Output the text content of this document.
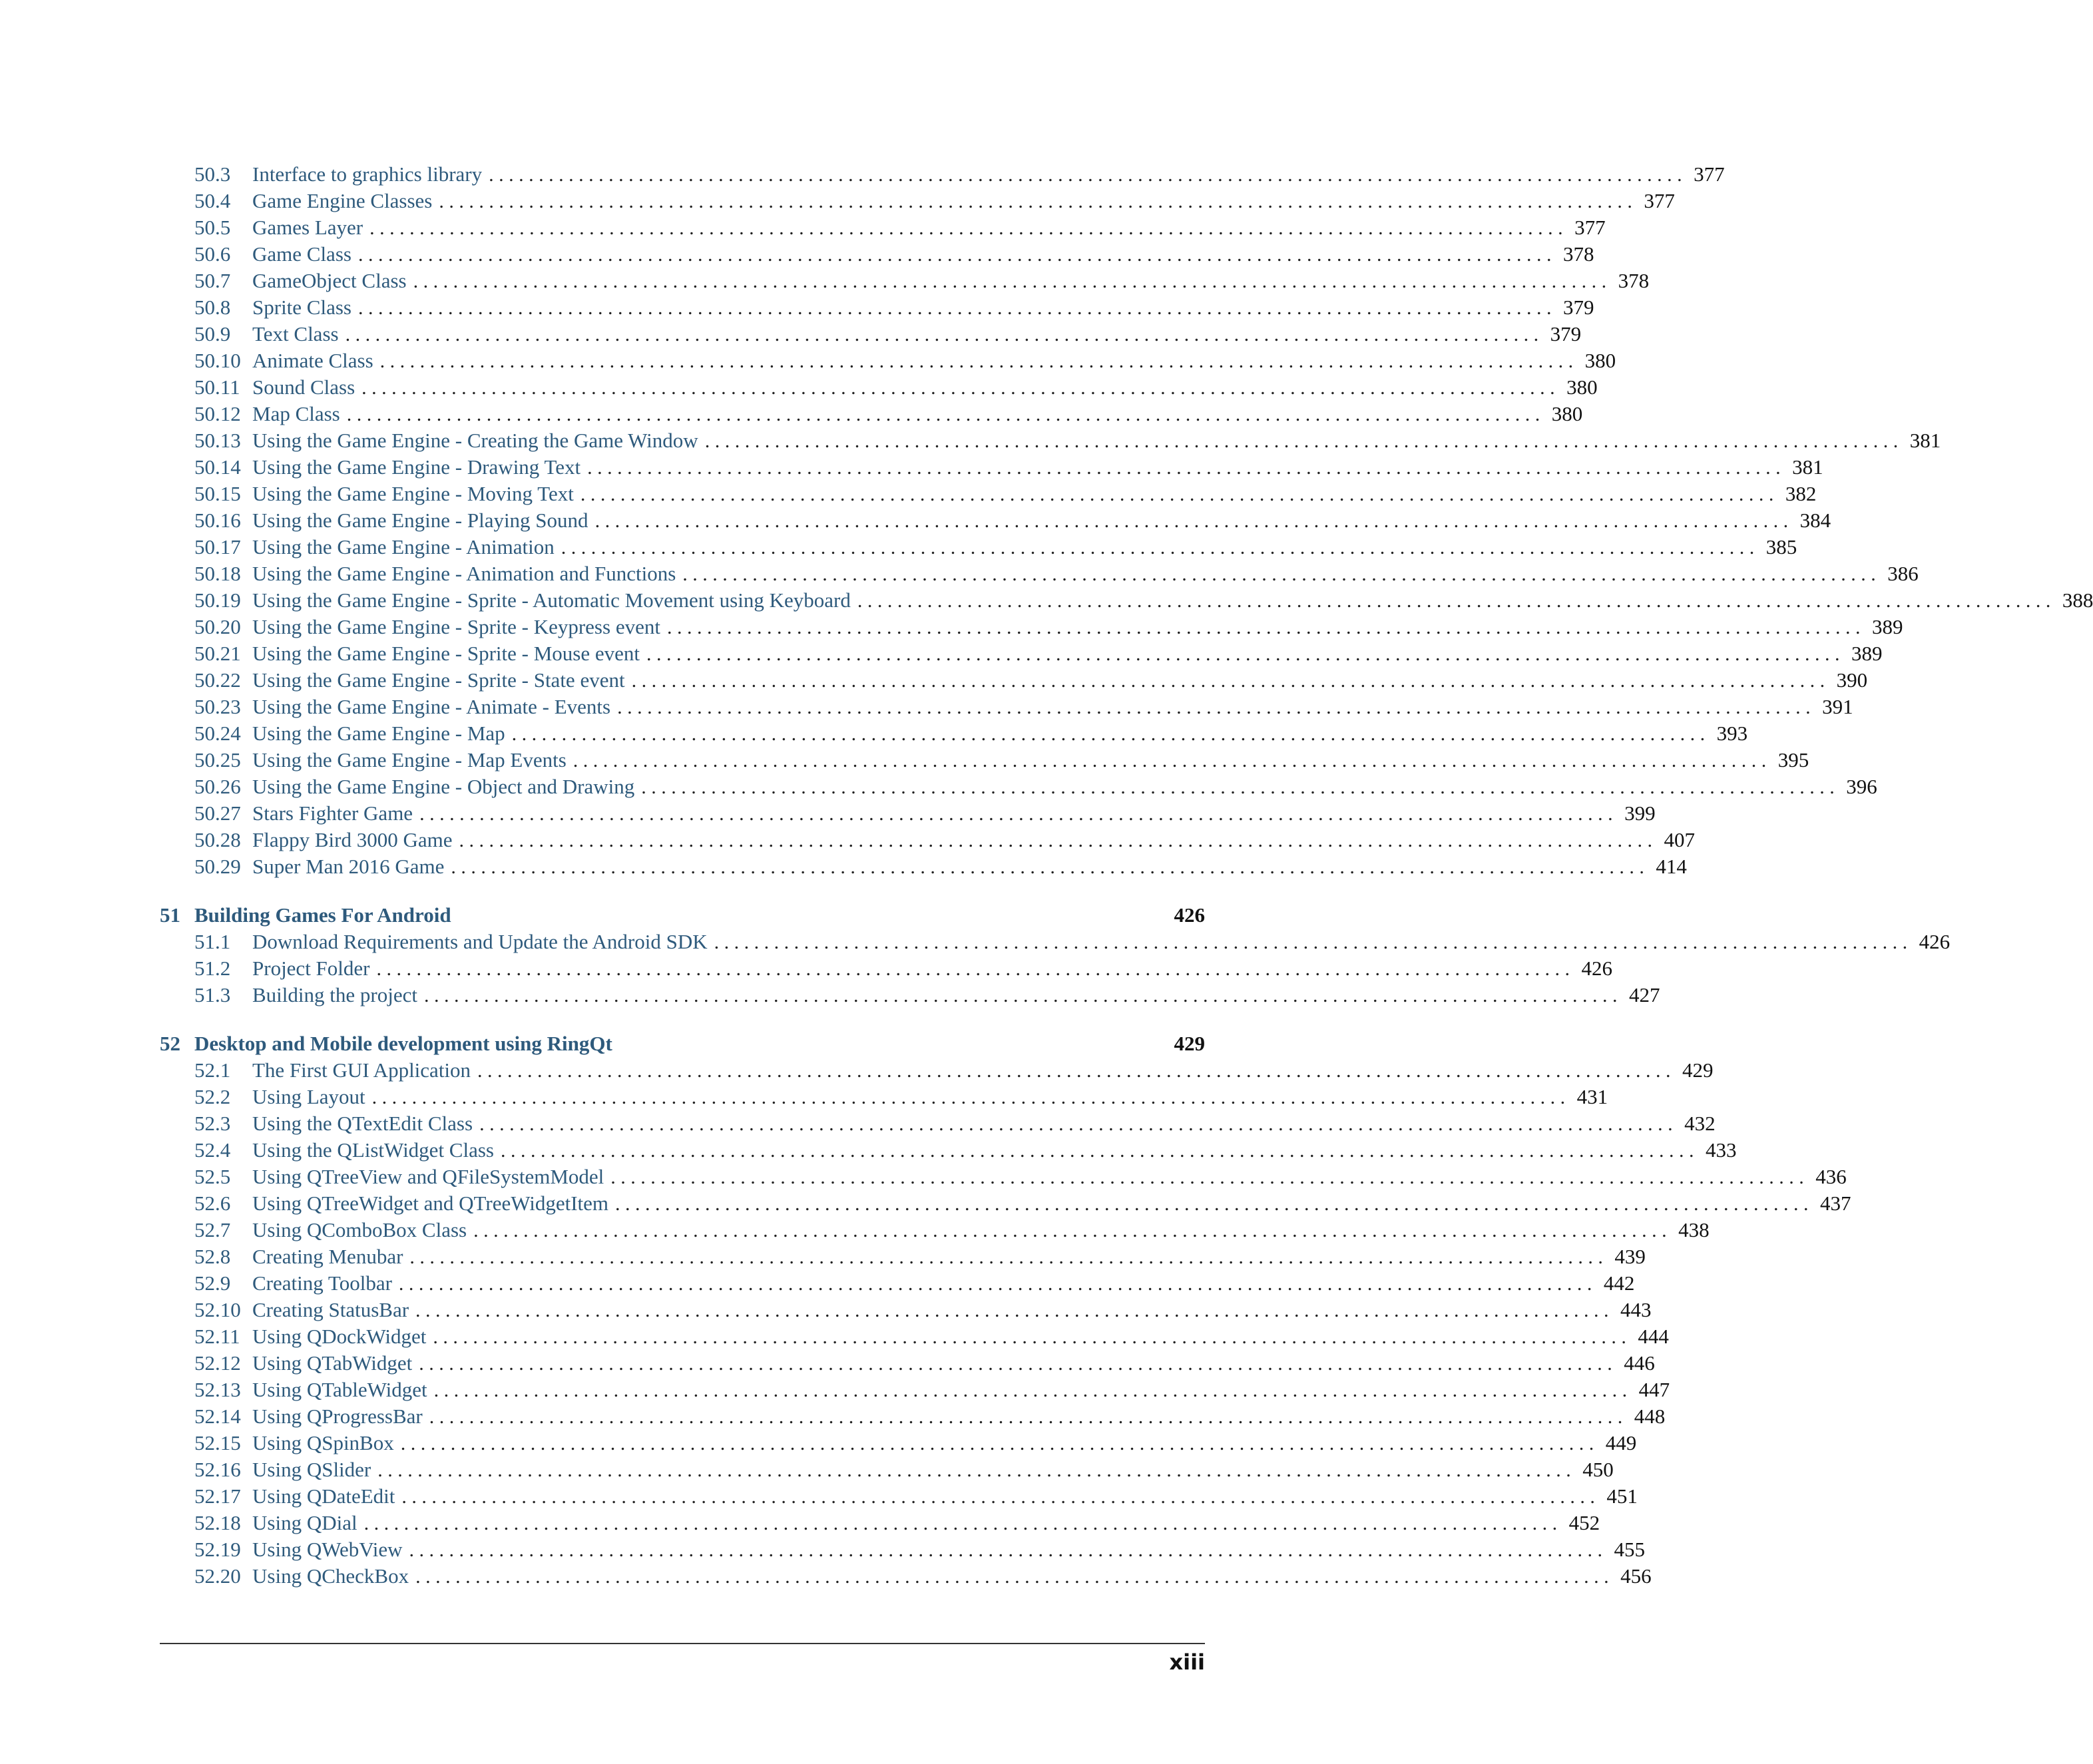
50.3	Interface to graphics library . . . . . . . . . . . . . . . . . . . . . . . . . . . . . . . . . . . . . . . . . . . . . . . . . . . . . . . . . . . . . . . . . . . . . . . . . . . . . . . . . . . . . . . . . . . . . . . . . . . . . . . . . . . . . . . . . . . . . . . . 377
50.4	Game Engine Classes . . . . . . . . . . . . . . . . . . . . . . . . . . . . . . . . . . . . . . . . . . . . . . . . . . . . . . . . . . . . . . . . . . . . . . . . . . . . . . . . . . . . . . . . . . . . . . . . . . . . . . . . . . . . . . . . . . . . . . . . 377
50.5	Games Layer . . . . . . . . . . . . . . . . . . . . . . . . . . . . . . . . . . . . . . . . . . . . . . . . . . . . . . . . . . . . . . . . . . . . . . . . . . . . . . . . . . . . . . . . . . . . . . . . . . . . . . . . . . . . . . . . . . . . . . . . 377
50.6	Game Class . . . . . . . . . . . . . . . . . . . . . . . . . . . . . . . . . . . . . . . . . . . . . . . . . . . . . . . . . . . . . . . . . . . . . . . . . . . . . . . . . . . . . . . . . . . . . . . . . . . . . . . . . . . . . . . . . . . . . . . . 378
50.7	GameObject Class . . . . . . . . . . . . . . . . . . . . . . . . . . . . . . . . . . . . . . . . . . . . . . . . . . . . . . . . . . . . . . . . . . . . . . . . . . . . . . . . . . . . . . . . . . . . . . . . . . . . . . . . . . . . . . . . . . . . . . . . 378
50.8	Sprite Class . . . . . . . . . . . . . . . . . . . . . . . . . . . . . . . . . . . . . . . . . . . . . . . . . . . . . . . . . . . . . . . . . . . . . . . . . . . . . . . . . . . . . . . . . . . . . . . . . . . . . . . . . . . . . . . . . . . . . . . . 379
50.9	Text Class . . . . . . . . . . . . . . . . . . . . . . . . . . . . . . . . . . . . . . . . . . . . . . . . . . . . . . . . . . . . . . . . . . . . . . . . . . . . . . . . . . . . . . . . . . . . . . . . . . . . . . . . . . . . . . . . . . . . . . . . 379
50.10 Animate Class . . . . . . . . . . . . . . . . . . . . . . . . . . . . . . . . . . . . . . . . . . . . . . . . . . . . . . . . . . . . . . . . . . . . . . . . . . . . . . . . . . . . . . . . . . . . . . . . . . . . . . . . . . . . . . . . . . . . . . . . 380
50.11 Sound Class . . . . . . . . . . . . . . . . . . . . . . . . . . . . . . . . . . . . . . . . . . . . . . . . . . . . . . . . . . . . . . . . . . . . . . . . . . . . . . . . . . . . . . . . . . . . . . . . . . . . . . . . . . . . . . . . . . . . . . . . 380
50.12 Map Class . . . . . . . . . . . . . . . . . . . . . . . . . . . . . . . . . . . . . . . . . . . . . . . . . . . . . . . . . . . . . . . . . . . . . . . . . . . . . . . . . . . . . . . . . . . . . . . . . . . . . . . . . . . . . . . . . . . . . . . . 380
50.13 Using the Game Engine - Creating the Game Window . . . . . . . . . . . . . . . . . . . . . . . . . . . . . . . . . . . . . . . . . . . . . . . . . . . . . . . . . . . . . . . . . . . . . . . . . . . . . . . . . . . . . . . . . . . . . . . . . . . . . . . . . . . . . . . . . . . . . . . . 381
50.14 Using the Game Engine - Drawing Text . . . . . . . . . . . . . . . . . . . . . . . . . . . . . . . . . . . . . . . . . . . . . . . . . . . . . . . . . . . . . . . . . . . . . . . . . . . . . . . . . . . . . . . . . . . . . . . . . . . . . . . . . . . . . . . . . . . . . . . . 381
50.15 Using the Game Engine - Moving Text . . . . . . . . . . . . . . . . . . . . . . . . . . . . . . . . . . . . . . . . . . . . . . . . . . . . . . . . . . . . . . . . . . . . . . . . . . . . . . . . . . . . . . . . . . . . . . . . . . . . . . . . . . . . . . . . . . . . . . . . 382
50.16 Using the Game Engine - Playing Sound . . . . . . . . . . . . . . . . . . . . . . . . . . . . . . . . . . . . . . . . . . . . . . . . . . . . . . . . . . . . . . . . . . . . . . . . . . . . . . . . . . . . . . . . . . . . . . . . . . . . . . . . . . . . . . . . . . . . . . . . 384
50.17 Using the Game Engine - Animation . . . . . . . . . . . . . . . . . . . . . . . . . . . . . . . . . . . . . . . . . . . . . . . . . . . . . . . . . . . . . . . . . . . . . . . . . . . . . . . . . . . . . . . . . . . . . . . . . . . . . . . . . . . . . . . . . . . . . . . . 385
50.18 Using the Game Engine - Animation and Functions . . . . . . . . . . . . . . . . . . . . . . . . . . . . . . . . . . . . . . . . . . . . . . . . . . . . . . . . . . . . . . . . . . . . . . . . . . . . . . . . . . . . . . . . . . . . . . . . . . . . . . . . . . . . . . . . . . . . . . . . 386
50.19 Using the Game Engine - Sprite - Automatic Movement using Keyboard . . . . . . . . . . . . . . . . . . . . . . . . . . . . . . . . . . . . . . . . . . . . . . . . . . . . . . . . . . . . . . . . . . . . . . . . . . . . . . . . . . . . . . . . . . . . . . . . . . . . . . . . . . . . . . . . . . . . . . . . 388
50.20 Using the Game Engine - Sprite - Keypress event . . . . . . . . . . . . . . . . . . . . . . . . . . . . . . . . . . . . . . . . . . . . . . . . . . . . . . . . . . . . . . . . . . . . . . . . . . . . . . . . . . . . . . . . . . . . . . . . . . . . . . . . . . . . . . . . . . . . . . . . 389
50.21 Using the Game Engine - Sprite - Mouse event . . . . . . . . . . . . . . . . . . . . . . . . . . . . . . . . . . . . . . . . . . . . . . . . . . . . . . . . . . . . . . . . . . . . . . . . . . . . . . . . . . . . . . . . . . . . . . . . . . . . . . . . . . . . . . . . . . . . . . . . 389
50.22 Using the Game Engine - Sprite - State event . . . . . . . . . . . . . . . . . . . . . . . . . . . . . . . . . . . . . . . . . . . . . . . . . . . . . . . . . . . . . . . . . . . . . . . . . . . . . . . . . . . . . . . . . . . . . . . . . . . . . . . . . . . . . . . . . . . . . . . . 390
50.23 Using the Game Engine - Animate - Events . . . . . . . . . . . . . . . . . . . . . . . . . . . . . . . . . . . . . . . . . . . . . . . . . . . . . . . . . . . . . . . . . . . . . . . . . . . . . . . . . . . . . . . . . . . . . . . . . . . . . . . . . . . . . . . . . . . . . . . . 391
50.24 Using the Game Engine - Map . . . . . . . . . . . . . . . . . . . . . . . . . . . . . . . . . . . . . . . . . . . . . . . . . . . . . . . . . . . . . . . . . . . . . . . . . . . . . . . . . . . . . . . . . . . . . . . . . . . . . . . . . . . . . . . . . . . . . . . . 393
50.25 Using the Game Engine - Map Events . . . . . . . . . . . . . . . . . . . . . . . . . . . . . . . . . . . . . . . . . . . . . . . . . . . . . . . . . . . . . . . . . . . . . . . . . . . . . . . . . . . . . . . . . . . . . . . . . . . . . . . . . . . . . . . . . . . . . . . . 395
50.26 Using the Game Engine - Object and Drawing . . . . . . . . . . . . . . . . . . . . . . . . . . . . . . . . . . . . . . . . . . . . . . . . . . . . . . . . . . . . . . . . . . . . . . . . . . . . . . . . . . . . . . . . . . . . . . . . . . . . . . . . . . . . . . . . . . . . . . . . 396
50.27 Stars Fighter Game . . . . . . . . . . . . . . . . . . . . . . . . . . . . . . . . . . . . . . . . . . . . . . . . . . . . . . . . . . . . . . . . . . . . . . . . . . . . . . . . . . . . . . . . . . . . . . . . . . . . . . . . . . . . . . . . . . . . . . . . 399
50.28 Flappy Bird 3000 Game . . . . . . . . . . . . . . . . . . . . . . . . . . . . . . . . . . . . . . . . . . . . . . . . . . . . . . . . . . . . . . . . . . . . . . . . . . . . . . . . . . . . . . . . . . . . . . . . . . . . . . . . . . . . . . . . . . . . . . . . 407
50.29 Super Man 2016 Game . . . . . . . . . . . . . . . . . . . . . . . . . . . . . . . . . . . . . . . . . . . . . . . . . . . . . . . . . . . . . . . . . . . . . . . . . . . . . . . . . . . . . . . . . . . . . . . . . . . . . . . . . . . . . . . . . . . . . . . . 414
51 Building Games For Android	426
51.1	Download Requirements and Update the Android SDK . . . . . . . . . . . . . . . . . . . . . . . . . . . . . . . . . . . . . . . . . . . . . . . . . . . . . . . . . . . . . . . . . . . . . . . . . . . . . . . . . . . . . . . . . . . . . . . . . . . . . . . . . . . . . . . . . . . . . . . . 426
51.2	Project Folder . . . . . . . . . . . . . . . . . . . . . . . . . . . . . . . . . . . . . . . . . . . . . . . . . . . . . . . . . . . . . . . . . . . . . . . . . . . . . . . . . . . . . . . . . . . . . . . . . . . . . . . . . . . . . . . . . . . . . . . . 426
51.3	Building the project . . . . . . . . . . . . . . . . . . . . . . . . . . . . . . . . . . . . . . . . . . . . . . . . . . . . . . . . . . . . . . . . . . . . . . . . . . . . . . . . . . . . . . . . . . . . . . . . . . . . . . . . . . . . . . . . . . . . . . . . 427
52 Desktop and Mobile development using RingQt	429
52.1	The First GUI Application . . . . . . . . . . . . . . . . . . . . . . . . . . . . . . . . . . . . . . . . . . . . . . . . . . . . . . . . . . . . . . . . . . . . . . . . . . . . . . . . . . . . . . . . . . . . . . . . . . . . . . . . . . . . . . . . . . . . . . . . 429
52.2	Using Layout . . . . . . . . . . . . . . . . . . . . . . . . . . . . . . . . . . . . . . . . . . . . . . . . . . . . . . . . . . . . . . . . . . . . . . . . . . . . . . . . . . . . . . . . . . . . . . . . . . . . . . . . . . . . . . . . . . . . . . . . 431
52.3	Using the QTextEdit Class . . . . . . . . . . . . . . . . . . . . . . . . . . . . . . . . . . . . . . . . . . . . . . . . . . . . . . . . . . . . . . . . . . . . . . . . . . . . . . . . . . . . . . . . . . . . . . . . . . . . . . . . . . . . . . . . . . . . . . . . 432
52.4	Using the QListWidget Class . . . . . . . . . . . . . . . . . . . . . . . . . . . . . . . . . . . . . . . . . . . . . . . . . . . . . . . . . . . . . . . . . . . . . . . . . . . . . . . . . . . . . . . . . . . . . . . . . . . . . . . . . . . . . . . . . . . . . . . . 433
52.5	Using QTreeView and QFileSystemModel . . . . . . . . . . . . . . . . . . . . . . . . . . . . . . . . . . . . . . . . . . . . . . . . . . . . . . . . . . . . . . . . . . . . . . . . . . . . . . . . . . . . . . . . . . . . . . . . . . . . . . . . . . . . . . . . . . . . . . . . 436
52.6	Using QTreeWidget and QTreeWidgetItem . . . . . . . . . . . . . . . . . . . . . . . . . . . . . . . . . . . . . . . . . . . . . . . . . . . . . . . . . . . . . . . . . . . . . . . . . . . . . . . . . . . . . . . . . . . . . . . . . . . . . . . . . . . . . . . . . . . . . . . . 437
52.7	Using QComboBox Class . . . . . . . . . . . . . . . . . . . . . . . . . . . . . . . . . . . . . . . . . . . . . . . . . . . . . . . . . . . . . . . . . . . . . . . . . . . . . . . . . . . . . . . . . . . . . . . . . . . . . . . . . . . . . . . . . . . . . . . . 438
52.8	Creating Menubar . . . . . . . . . . . . . . . . . . . . . . . . . . . . . . . . . . . . . . . . . . . . . . . . . . . . . . . . . . . . . . . . . . . . . . . . . . . . . . . . . . . . . . . . . . . . . . . . . . . . . . . . . . . . . . . . . . . . . . . . 439
52.9	Creating Toolbar . . . . . . . . . . . . . . . . . . . . . . . . . . . . . . . . . . . . . . . . . . . . . . . . . . . . . . . . . . . . . . . . . . . . . . . . . . . . . . . . . . . . . . . . . . . . . . . . . . . . . . . . . . . . . . . . . . . . . . . . 442
52.10 Creating StatusBar . . . . . . . . . . . . . . . . . . . . . . . . . . . . . . . . . . . . . . . . . . . . . . . . . . . . . . . . . . . . . . . . . . . . . . . . . . . . . . . . . . . . . . . . . . . . . . . . . . . . . . . . . . . . . . . . . . . . . . . . 443
52.11 Using QDockWidget . . . . . . . . . . . . . . . . . . . . . . . . . . . . . . . . . . . . . . . . . . . . . . . . . . . . . . . . . . . . . . . . . . . . . . . . . . . . . . . . . . . . . . . . . . . . . . . . . . . . . . . . . . . . . . . . . . . . . . . . 444
52.12 Using QTabWidget . . . . . . . . . . . . . . . . . . . . . . . . . . . . . . . . . . . . . . . . . . . . . . . . . . . . . . . . . . . . . . . . . . . . . . . . . . . . . . . . . . . . . . . . . . . . . . . . . . . . . . . . . . . . . . . . . . . . . . . . 446
52.13 Using QTableWidget . . . . . . . . . . . . . . . . . . . . . . . . . . . . . . . . . . . . . . . . . . . . . . . . . . . . . . . . . . . . . . . . . . . . . . . . . . . . . . . . . . . . . . . . . . . . . . . . . . . . . . . . . . . . . . . . . . . . . . . . 447
52.14 Using QProgressBar . . . . . . . . . . . . . . . . . . . . . . . . . . . . . . . . . . . . . . . . . . . . . . . . . . . . . . . . . . . . . . . . . . . . . . . . . . . . . . . . . . . . . . . . . . . . . . . . . . . . . . . . . . . . . . . . . . . . . . . . 448
52.15 Using QSpinBox . . . . . . . . . . . . . . . . . . . . . . . . . . . . . . . . . . . . . . . . . . . . . . . . . . . . . . . . . . . . . . . . . . . . . . . . . . . . . . . . . . . . . . . . . . . . . . . . . . . . . . . . . . . . . . . . . . . . . . . . 449
52.16 Using QSlider . . . . . . . . . . . . . . . . . . . . . . . . . . . . . . . . . . . . . . . . . . . . . . . . . . . . . . . . . . . . . . . . . . . . . . . . . . . . . . . . . . . . . . . . . . . . . . . . . . . . . . . . . . . . . . . . . . . . . . . . 450
52.17 Using QDateEdit . . . . . . . . . . . . . . . . . . . . . . . . . . . . . . . . . . . . . . . . . . . . . . . . . . . . . . . . . . . . . . . . . . . . . . . . . . . . . . . . . . . . . . . . . . . . . . . . . . . . . . . . . . . . . . . . . . . . . . . . 451
52.18 Using QDial . . . . . . . . . . . . . . . . . . . . . . . . . . . . . . . . . . . . . . . . . . . . . . . . . . . . . . . . . . . . . . . . . . . . . . . . . . . . . . . . . . . . . . . . . . . . . . . . . . . . . . . . . . . . . . . . . . . . . . . . 452
52.19 Using QWebView . . . . . . . . . . . . . . . . . . . . . . . . . . . . . . . . . . . . . . . . . . . . . . . . . . . . . . . . . . . . . . . . . . . . . . . . . . . . . . . . . . . . . . . . . . . . . . . . . . . . . . . . . . . . . . . . . . . . . . . . 455
52.20 Using QCheckBox . . . . . . . . . . . . . . . . . . . . . . . . . . . . . . . . . . . . . . . . . . . . . . . . . . . . . . . . . . . . . . . . . . . . . . . . . . . . . . . . . . . . . . . . . . . . . . . . . . . . . . . . . . . . . . . . . . . . . . . . 456
xiii
